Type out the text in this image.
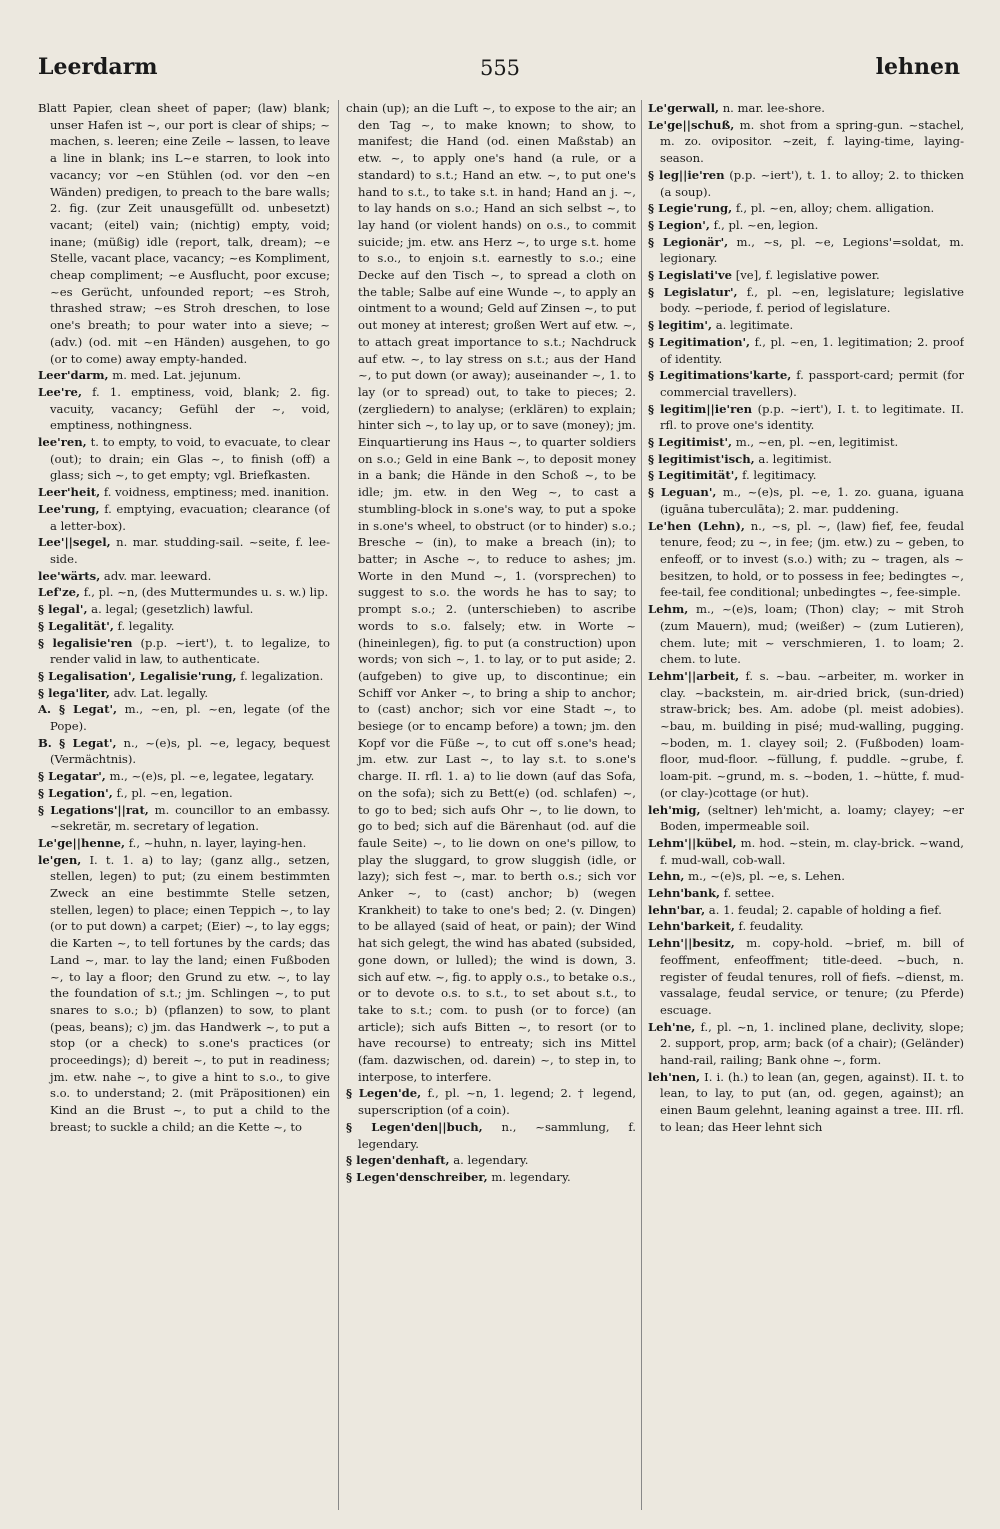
Leerdarm	555	lehnen

Blatt Papier, clean sheet of paper; (law) blank; unser Hafen ist ~, our port is clear of ships; ~ machen, s. leeren; eine Zeile ~ lassen, to leave a line in blank; ins L~e starren, to look into vacancy; vor ~en Stühlen (od. vor den ~en Wänden) predigen, to preach to the bare walls; 2. fig. (zur Zeit unausgefüllt od. unbesetzt) vacant; (eitel) vain; (nichtig) empty, void; inane; (müßig) idle (report, talk, dream); ~e Stelle, vacant place, vacancy; ~es Kompliment, cheap compliment; ~e Ausflucht, poor excuse; ~es Gerücht, unfounded report; ~es Stroh, thrashed straw; ~es Stroh dreschen, to lose one's breath; to pour water into a sieve; ~ (adv.) (od. mit ~en Händen) ausgehen, to go (or to come) away empty-handed.

Leer'darm, m. med. Lat. jejunum.

Lee're, f. 1. emptiness, void, blank; 2. fig. vacuity, vacancy; Gefühl der ~, void, emptiness, nothingness.

lee'ren, t. to empty, to void, to evacuate, to clear (out); to drain; ein Glas ~, to finish (off) a glass; sich ~, to get empty; vgl. Briefkasten.

Leer'heit, f. voidness, emptiness; med. inanition.

Lee'rung, f. emptying, evacuation; clearance (of a letter-box).

Lee'||segel, n. mar. studding-sail. ~seite, f. lee-side.

lee'wärts, adv. mar. leeward.

Lef'ze, f., pl. ~n, (des Muttermundes u. s. w.) lip.

§ legal', a. legal; (gesetzlich) lawful.

§ Legalität', f. legality.

§ legalisie'ren (p.p. ~iert'), t. to legalize, to render valid in law, to authenticate.

§ Legalisation', Legalisie'rung, f. legalization.

§ lega'liter, adv. Lat. legally.

A. § Legat', m., ~en, pl. ~en, legate (of the Pope).

B. § Legat', n., ~(e)s, pl. ~e, legacy, bequest (Vermächtnis).

§ Legatar', m., ~(e)s, pl. ~e, legatee, legatary.

§ Legation', f., pl. ~en, legation.

§ Legations'||rat, m. councillor to an embassy. ~sekretär, m. secretary of legation.

Le'ge||henne, f., ~huhn, n. layer, laying-hen.

le'gen, I. t. 1. a) to lay; (ganz allg., setzen, stellen, legen) to put; (zu einem bestimmten Zweck an eine bestimmte Stelle setzen, stellen, legen) to place; einen Teppich ~, to lay (or to put down) a carpet; (Eier) ~, to lay eggs; die Karten ~, to tell fortunes by the cards; das Land ~, mar. to lay the land; einen Fußboden ~, to lay a floor; den Grund zu etw. ~, to lay the foundation of s.t.; jm. Schlingen ~, to put snares to s.o.; b) (pflanzen) to sow, to plant (peas, beans); c) jm. das Handwerk ~, to put a stop (or a check) to s.one's practices (or proceedings); d) bereit ~, to put in readiness; jm. etw. nahe ~, to give a hint to s.o., to give s.o. to understand; 2. (mit Präpositionen) ein Kind an die Brust ~, to put a child to the breast; to suckle a child; an die Kette ~, to

chain (up); an die Luft ~, to expose to the air; an den Tag ~, to make known; to show, to manifest; die Hand (od. einen Maßstab) an etw. ~, to apply one's hand (a rule, or a standard) to s.t.; Hand an etw. ~, to put one's hand to s.t., to take s.t. in hand; Hand an j. ~, to lay hands on s.o.; Hand an sich selbst ~, to lay hand (or violent hands) on o.s., to commit suicide; jm. etw. ans Herz ~, to urge s.t. home to s.o., to enjoin s.t. earnestly to s.o.; eine Decke auf den Tisch ~, to spread a cloth on the table; Salbe auf eine Wunde ~, to apply an ointment to a wound; Geld auf Zinsen ~, to put out money at interest; großen Wert auf etw. ~, to attach great importance to s.t.; Nachdruck auf etw. ~, to lay stress on s.t.; aus der Hand ~, to put down (or away); auseinander ~, 1. to lay (or to spread) out, to take to pieces; 2. (zergliedern) to analyse; (erklären) to explain; hinter sich ~, to lay up, or to save (money); jm. Einquartierung ins Haus ~, to quarter soldiers on s.o.; Geld in eine Bank ~, to deposit money in a bank; die Hände in den Schoß ~, to be idle; jm. etw. in den Weg ~, to cast a stumbling-block in s.one's way, to put a spoke in s.one's wheel, to obstruct (or to hinder) s.o.; Bresche ~ (in), to make a breach (in); to batter; in Asche ~, to reduce to ashes; jm. Worte in den Mund ~, 1. (vorsprechen) to suggest to s.o. the words he has to say; to prompt s.o.; 2. (unterschieben) to ascribe words to s.o. falsely; etw. in Worte ~ (hineinlegen), fig. to put (a construction) upon words; von sich ~, 1. to lay, or to put aside; 2. (aufgeben) to give up, to discontinue; ein Schiff vor Anker ~, to bring a ship to anchor; to (cast) anchor; sich vor eine Stadt ~, to besiege (or to encamp before) a town; jm. den Kopf vor die Füße ~, to cut off s.one's head; jm. etw. zur Last ~, to lay s.t. to s.one's charge. II. rfl. 1. a) to lie down (auf das Sofa, on the sofa); sich zu Bett(e) (od. schlafen) ~, to go to bed; sich aufs Ohr ~, to lie down, to go to bed; sich auf die Bärenhaut (od. auf die faule Seite) ~, to lie down on one's pillow, to play the sluggard, to grow sluggish (idle, or lazy); sich fest ~, mar. to berth o.s.; sich vor Anker ~, to (cast) anchor; b) (wegen Krankheit) to take to one's bed; 2. (v. Dingen) to be allayed (said of heat, or pain); der Wind hat sich gelegt, the wind has abated (subsided, gone down, or lulled); the wind is down, 3. sich auf etw. ~, fig. to apply o.s., to betake o.s., or to devote o.s. to s.t., to set about s.t., to take to s.t.; com. to push (or to force) (an article); sich aufs Bitten ~, to resort (or to have recourse) to entreaty; sich ins Mittel (fam. dazwischen, od. darein) ~, to step in, to interpose, to interfere.

§ Legen'de, f., pl. ~n, 1. legend; 2. † legend, superscription (of a coin).

§ Legen'den||buch, n., ~sammlung, f. legendary.

§ legen'denhaft, a. legendary.

§ Legen'denschreiber, m. legendary.

Le'gerwall, n. mar. lee-shore.

Le'ge||schuß, m. shot from a spring-gun. ~stachel, m. zo. ovipositor. ~zeit, f. laying-time, laying-season.

§ leg||ie'ren (p.p. ~iert'), t. 1. to alloy; 2. to thicken (a soup).

§ Legie'rung, f., pl. ~en, alloy; chem. alligation.

§ Legion', f., pl. ~en, legion.

§ Legionär', m., ~s, pl. ~e, Legions'=soldat, m. legionary.

§ Legislati've [ve], f. legislative power.

§ Legislatur', f., pl. ~en, legislature; legislative body. ~periode, f. period of legislature.

§ legitim', a. legitimate.

§ Legitimation', f., pl. ~en, 1. legitimation; 2. proof of identity.

§ Legitimations'karte, f. passport-card; permit (for commercial travellers).

§ legitim||ie'ren (p.p. ~iert'), I. t. to legitimate. II. rfl. to prove one's identity.

§ Legitimist', m., ~en, pl. ~en, legitimist.

§ legitimist'isch, a. legitimist.

§ Legitimität', f. legitimacy.

§ Leguan', m., ~(e)s, pl. ~e, 1. zo. guana, iguana (iguāna tuberculāta); 2. mar. puddening.

Le'hen (Lehn), n., ~s, pl. ~, (law) fief, fee, feudal tenure, feod; zu ~, in fee; (jm. etw.) zu ~ geben, to enfeoff, or to invest (s.o.) with; zu ~ tragen, als ~ besitzen, to hold, or to possess in fee; bedingtes ~, fee-tail, fee conditional; unbedingtes ~, fee-simple.

Lehm, m., ~(e)s, loam; (Thon) clay; ~ mit Stroh (zum Mauern), mud; (weißer) ~ (zum Lutieren), chem. lute; mit ~ verschmieren, 1. to loam; 2. chem. to lute.

Lehm'||arbeit, f. s. ~bau. ~arbeiter, m. worker in clay. ~backstein, m. air-dried brick, (sun-dried) straw-brick; bes. Am. adobe (pl. meist adobies). ~bau, m. building in pisé; mud-walling, pugging. ~boden, m. 1. clayey soil; 2. (Fußboden) loam-floor, mud-floor. ~füllung, f. puddle. ~grube, f. loam-pit. ~grund, m. s. ~boden, 1. ~hütte, f. mud-(or clay-)cottage (or hut).

leh'mig, (seltner) leh'micht, a. loamy; clayey; ~er Boden, impermeable soil.

Lehm'||kübel, m. hod. ~stein, m. clay-brick. ~wand, f. mud-wall, cob-wall.

Lehn, m., ~(e)s, pl. ~e, s. Lehen.

Lehn'bank, f. settee.

lehn'bar, a. 1. feudal; 2. capable of holding a fief.

Lehn'barkeit, f. feudality.

Lehn'||besitz, m. copy-hold. ~brief, m. bill of feoffment, enfeoffment; title-deed. ~buch, n. register of feudal tenures, roll of fiefs. ~dienst, m. vassalage, feudal service, or tenure; (zu Pferde) escuage.

Leh'ne, f., pl. ~n, 1. inclined plane, declivity, slope; 2. support, prop, arm; back (of a chair); (Geländer) hand-rail, railing; Bank ohne ~, form.

leh'nen, I. i. (h.) to lean (an, gegen, against). II. t. to lean, to lay, to put (an, od. gegen, against); an einen Baum gelehnt, leaning against a tree. III. rfl. to lean; das Heer lehnt sich
